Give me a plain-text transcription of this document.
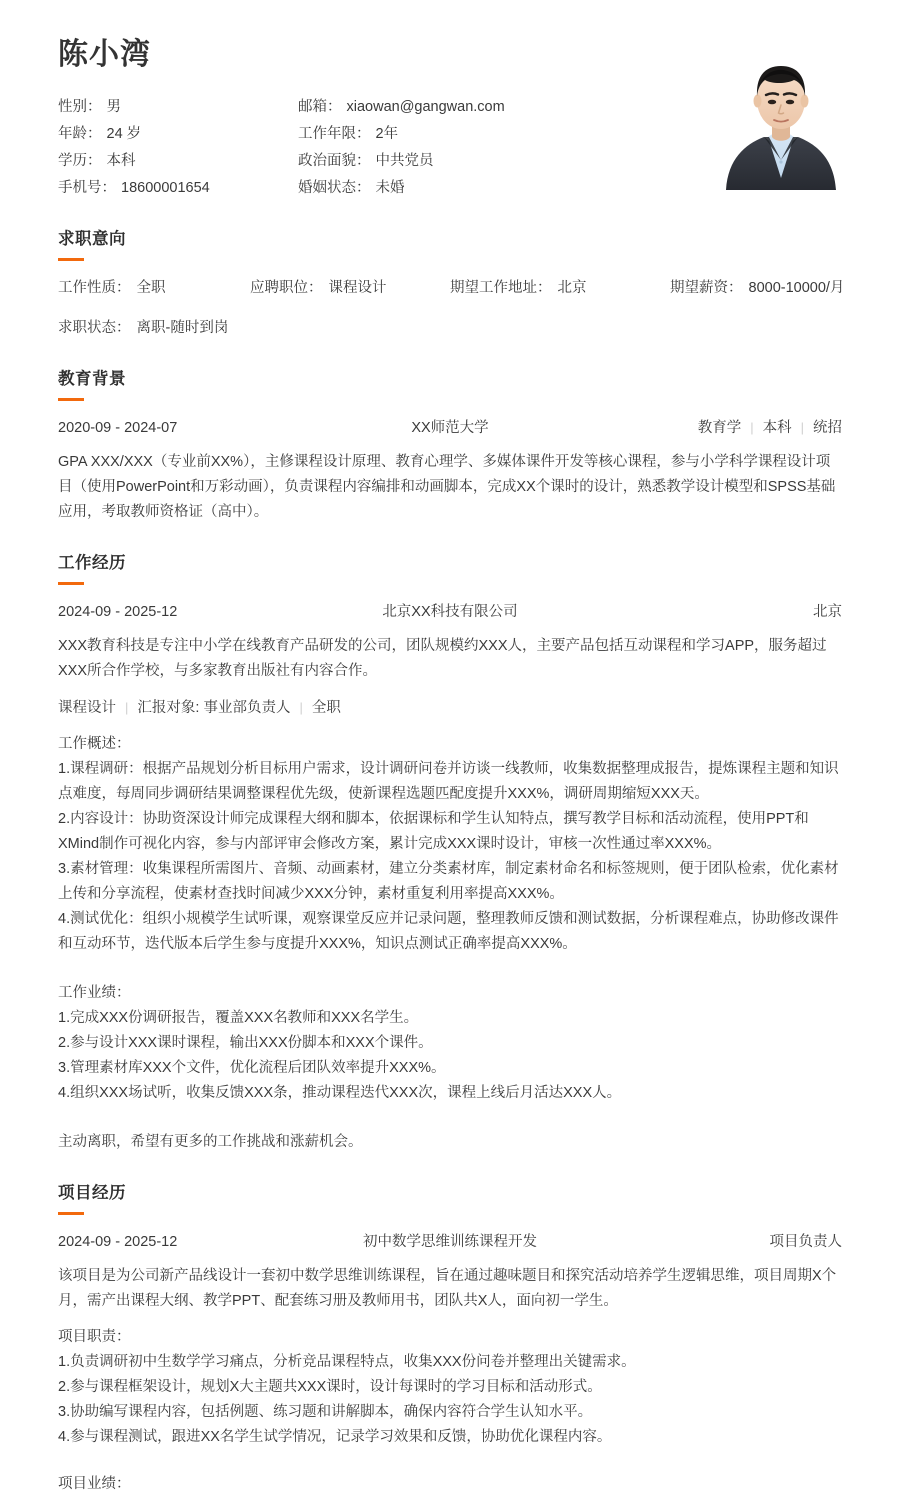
陈小湾
性别： 男	邮箱： xiaowan@gangwan.com
年龄： 24 岁	工作年限： 2年
学历： 本科	政治面貌： 中共党员
手机号： 18600001654	婚姻状态： 未婚
求职意向
工作性质： 全职	应聘职位： 课程设计	期望工作地址： 北京	期望薪资： 8000-10000/月
求职状态： 离职-随时到岗
教育背景
2020-09 - 2024-07	XX师范大学	教育学 | 本科 | 统招
GPA XXX/XXX（专业前XX%），主修课程设计原理、教育心理学、多媒体课件开发等核心课程，参与小学科学课程设计项目（使用PowerPoint和万彩动画），负责课程内容编排和动画脚本，完成XX个课时的设计，熟悉教学设计模型和SPSS基础应用，考取教师资格证（高中）。
工作经历
2024-09 - 2025-12	北京XX科技有限公司	北京
XXX教育科技是专注中小学在线教育产品研发的公司，团队规模约XXX人，主要产品包括互动课程和学习APP，服务超过XXX所合作学校，与多家教育出版社有内容合作。
课程设计 | 汇报对象: 事业部负责人 | 全职
工作概述：
1.课程调研：根据产品规划分析目标用户需求，设计调研问卷并访谈一线教师，收集数据整理成报告，提炼课程主题和知识点难度，每周同步调研结果调整课程优先级，使新课程选题匹配度提升XXX%，调研周期缩短XXX天。
2.内容设计：协助资深设计师完成课程大纲和脚本，依据课标和学生认知特点，撰写教学目标和活动流程，使用PPT和XMind制作可视化内容，参与内部评审会修改方案，累计完成XXX课时设计，审核一次性通过率XXX%。
3.素材管理：收集课程所需图片、音频、动画素材，建立分类素材库，制定素材命名和标签规则，便于团队检索，优化素材上传和分享流程，使素材查找时间减少XXX分钟，素材重复利用率提高XXX%。
4.测试优化：组织小规模学生试听课，观察课堂反应并记录问题，整理教师反馈和测试数据，分析课程难点，协助修改课件和互动环节，迭代版本后学生参与度提升XXX%，知识点测试正确率提高XXX%。
工作业绩：
1.完成XXX份调研报告，覆盖XXX名教师和XXX名学生。
2.参与设计XXX课时课程，输出XXX份脚本和XXX个课件。
3.管理素材库XXX个文件，优化流程后团队效率提升XXX%。
4.组织XXX场试听，收集反馈XXX条，推动课程迭代XXX次，课程上线后月活达XXX人。
主动离职，希望有更多的工作挑战和涨薪机会。
项目经历
2024-09 - 2025-12	初中数学思维训练课程开发	项目负责人
该项目是为公司新产品线设计一套初中数学思维训练课程，旨在通过趣味题目和探究活动培养学生逻辑思维，项目周期X个月，需产出课程大纲、教学PPT、配套练习册及教师用书，团队共X人，面向初一学生。
项目职责：
1.负责调研初中生数学学习痛点，分析竞品课程特点，收集XXX份问卷并整理出关键需求。
2.参与课程框架设计，规划X大主题共XXX课时，设计每课时的学习目标和活动形式。
3.协助编写课程内容，包括例题、练习题和讲解脚本，确保内容符合学生认知水平。
4.参与课程测试，跟进XX名学生试学情况，记录学习效果和反馈，协助优化课程内容。
项目业绩：
